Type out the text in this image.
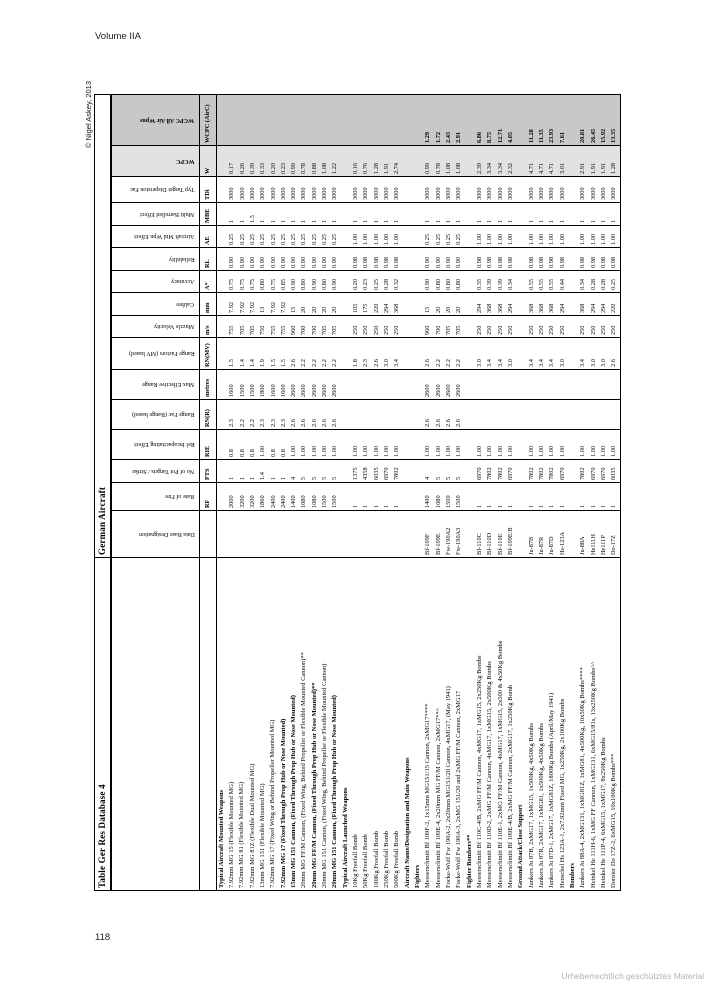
Volume IIA
© Nigel Askey, 2013
Table Ger Res Database 4	German Aircraft															
	Data Base Designation	Rate of Fire	No of Pot Targets / Strike	Rel Incapacitating Effect	Range Fac (Range based)	Max Effective Range	Range Factors (MV based)	Muzzle Velocity	Calibre	Accuracy	Reliability	Aircraft Mtd Wpn Effect	Multi Barrelled Effect	Typ Target Dispersion Fac	WCPC	WCPC All Air Wpns
		RF	PTS	RIE	RN(R)	metres	RN(MV)	m/s	mm	A*	RL	AE	MBE	TDi	W	WCPC (AirC)
Typical Aircraft Mounted Weapons																
7.92mm MG 15 (Flexible Mounted MG)		2000	1	0.8	2.3	1600	1.5	755	7.92	0.75	0.90	0.25	1	3000	0.17	
7.92mm MG 81 (Flexible Mounted MG)		3200	1	0.8	2.2	1500	1.4	705	7.92	0.75	0.90	0.25	1	3000	0.26	
7.92mm MG 81Z (Flexible Dual Mounted MG)		3200	1	0.8	2.2	1500	1.4	705	7.92	0.75	0.90	0.25	1.5	3000	0.39	
13mm MG 131 (Flexible Mounted MG)		1860	1.4	1.00	2.3	1800	1.9	750	13	0.80	0.90	0.25	1	3000	0.33	
7.92mm MG 17 (Fixed Wing or Behind Propeller Mounted MG)		2400	1	0.8	2.3	1600	1.5	755	7.92	0.75	0.90	0.25	1	3000	0.20	
7.92mm MG 17 (Fixed Through Prop Hub or Nose Mounted)		2400	1	0.8	2.3	1600	1.5	755	7.92	0.85	0.90	0.25	1	3000	0.23	
15mm MG 151 Cannon, (Fixed Through Prop Hub or Nose Mounted)		1400	4	1.00	2.6	2600	2.6	960	15	0.90	0.90	0.25	1	3000	0.99	
20mm MG FF/M Cannon, (Fixed Wing, Behind Propeller or Flexible Mounted Cannon)**		1080	5	1.00	2.6	2600	2.2	700	20	0.80	0.90	0.25	1	3000	0.78	
20mm MG FF/M Cannon, (Fixed Through Prop Hub or Nose Mounted)**		1080	5	1.00	2.6	2600	2.2	700	20	0.90	0.90	0.25	1	3000	0.88	
20mm MG 151 Cannon, (Fixed Wing, Behind Propeller or Flexible Mounted Cannon)		1500	5	1.00	2.6	2600	2.2	705	20	0.80	0.90	0.25	1	3000	1.08	
20mm MG 151 Cannon, (Fixed Through Prop Hub or Nose Mounted)		1500	5	1.00	2.6	2600	2.2	705	20	0.90	0.90	0.25	1	3000	1.22	
Typical Aircraft Launched Weapons																
10Kg Freefall Bomb		1	1375	1.00			1.8	250	105	0.20	0.98	1.00	1	3000	0.16	
50Kg Freefall Bomb		1	4358	1.00			2.3	250	175	0.23	0.98	1.00	1	3000	0.76	
100Kg Freefall Bomb		1	6035	1.00			2.6	250	220	0.25	0.98	1.00	1	3000	1.28	
250Kg Freefall Bomb		1	6970	1.00			3.0	250	294	0.28	0.98	1.00	1	3000	1.91	
500Kg Freefall Bomb		1	7802	1.00			3.4	250	368	0.32	0.98	1.00	1	3000	2.74	
Aircraft Name/Designation and Main Weapons																
Fighters																
Messerschmitt Bf 109F-2, 1x15mm MG151/15 Cannon, 2xMG17****	Bf-109F	1400	4	1.00	2.6	2600	2.6	960	15	0.90	0.90	0.25	1	3000	0.99	1.29
Messerschmitt Bf 109E-4, 2x20mm MG FF/M Cannon, 2xMG17**^	Bf-109E	1080	5	1.00	2.6	2600	2.2	700	20	0.80	0.90	0.25	1	3000	0.78	1.72
Focke-Wulf Fw 190A-2, 2x20mm MG151/20 Cannon, 4xMG17, (May 1941)	Fw-190A2	1500	5	1.00	2.6	2600	2.2	705	20	0.80	0.90	0.25	1	3000	1.08	2.43
Focke-Wulf Fw 190A-3, 2xMG 151/20 and 2xMG FF/M Cannon, 2xMG17	Fw-190A3	1500	5	1.00	2.6	2600	2.2	705	20	0.80	0.90	0.25	1	3000	1.08	2.91
Fighter Bombers**																
Messerschmitt Bf 110C-4/B, 2xMG FF/M Cannon, 4xMG17, 1xMG15, 2x250Kg Bombs	Bf-110C	1	6970	1.00			3.0	250	294	0.35	0.98	1.00	1	3000	2.39	6.86
Messerschmitt Bf 110D-2, 2xMG FF/M Cannon, 4xMG17, 1xMG15, 2x500Kg Bombs	Bf-110D	1	7802	1.00			3.4	250	368	0.39	0.98	1.00	1	3000	3.34	8.75
Messerschmitt Bf 110E-1, 2xMG FF/M Cannon, 4xMG17, 1xMG15, 2x500 & 4x50Kg Bombs	Bf-110E	1	7802	1.00			3.4	250	368	0.39	0.98	1.00	1	3000	3.34	12.71
Messerschmitt Bf 109E-4/B, 2xMG FF/M Cannon, 2xMG17, 1x250Kg Bomb	Bf-109E/B	1	6970	1.00			3.0	250	294	0.34	0.98	1.00	1	3000	2.32	4.05
Ground Attack/Close Support																
Junkers Ju 87B, 2xMG17, 1xMG15, 1x500Kg, 4x50Kg Bombs	Ju-87B	1	7802	1.00			3.4	250	368	0.55	0.98	1.00	1	3000	4.71	11.28
Junkers Ju 87R, 2xMG17, 1xMG81, 1x500Kg, 4x50Kg Bombs	Ju-87R	1	7802	1.00			3.4	250	368	0.55	0.98	1.00	1	3000	4.71	11.35
Junkers Ju 87D-1, 2xMG17, 1xMG81Z, 1800Kg Bombs (April/May 1941)	Ju-87D	1	7802	1.00			3.4	250	368	0.55	0.98	1.00	1	3000	4.71	23.93
Henschel Hs 123A-1, 2x7.92mm Fixed MG, 1x250Kg, 2x100Kg Bombs	Hs-123A	1	6970	1.00			3.0	250	294	0.44	0.98	1.00	1	3000	3.01	7.61
Bombers																
Junkers Ju 88A-4, 2xMG131, 1xMG81Z, 1xMG81, 4x500Kg, 10x50Kg Bombs****	Ju-88A	1	7802	1.00			3.4	250	368	0.34	0.98	1.00	1	3000	2.91	20.81
Heinkel He 111H-6, 1xMG FF Cannon, 1xMG131, 6xMG15/81s, 13x250Kg Bombs^^	He111H	1	6970	1.00			3.0	250	294	0.28	0.98	1.00	1	3000	1.91	26.45
Heinkel He 111P-4, 6xMG15, 1xMG17, 8x250Kg Bombs	He111P	1	6970	1.00			3.0	250	294	0.28	0.98	1.00	1	3000	1.91	15.92
Dornier Do 17Z-2, 6xMG15, 10x100Kg Bombs***	Do-17Z	1	6035	1.00			2.6	250	220	0.25	0.98	1.00	1	3000	1.28	13.35
118
Urheberrechtlich geschütztes Material
